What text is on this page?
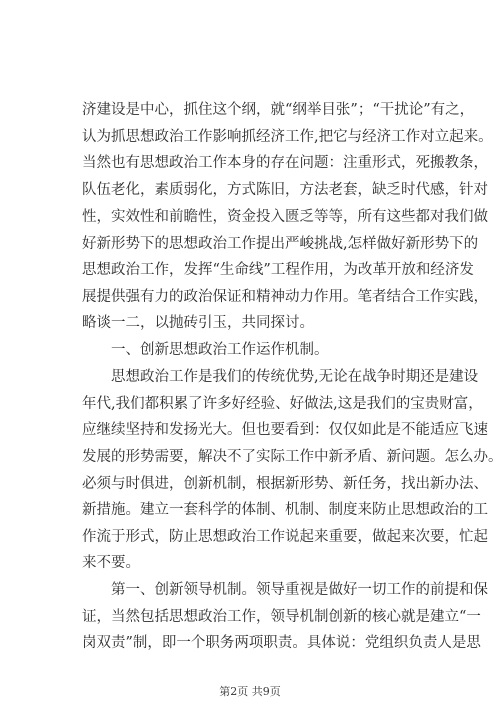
济建设是中心，抓住这个纲，就“纲举目张”；“干扰论”有之，
认为抓思想政治工作影响抓经济工作,把它与经济工作对立起来。
当然也有思想政治工作本身的存在问题：注重形式，死搬教条，
队伍老化，素质弱化，方式陈旧，方法老套，缺乏时代感，针对
性，实效性和前瞻性，资金投入匮乏等等，所有这些都对我们做
好新形势下的思想政治工作提出严峻挑战,怎样做好新形势下的
思想政治工作，发挥“生命线”工程作用，为改革开放和经济发
展提供强有力的政治保证和精神动力作用。笔者结合工作实践，
略谈一二，以抛砖引玉，共同探讨。
　　一、创新思想政治工作运作机制。
　　思想政治工作是我们的传统优势,无论在战争时期还是建设
年代,我们都积累了许多好经验、好做法,这是我们的宝贵财富，
应继续坚持和发扬光大。但也要看到：仅仅如此是不能适应飞速
发展的形势需要，解决不了实际工作中新矛盾、新问题。怎么办。
必须与时俱进，创新机制，根据新形势、新任务，找出新办法、
新措施。建立一套科学的体制、机制、制度来防止思想政治的工
作流于形式，防止思想政治工作说起来重要，做起来次要，忙起
来不要。
　　第一、创新领导机制。领导重视是做好一切工作的前提和保
证，当然包括思想政治工作，领导机制创新的核心就是建立“一
岗双责”制，即一个职务两项职责。具体说：党组织负责人是思
第2页 共9页
